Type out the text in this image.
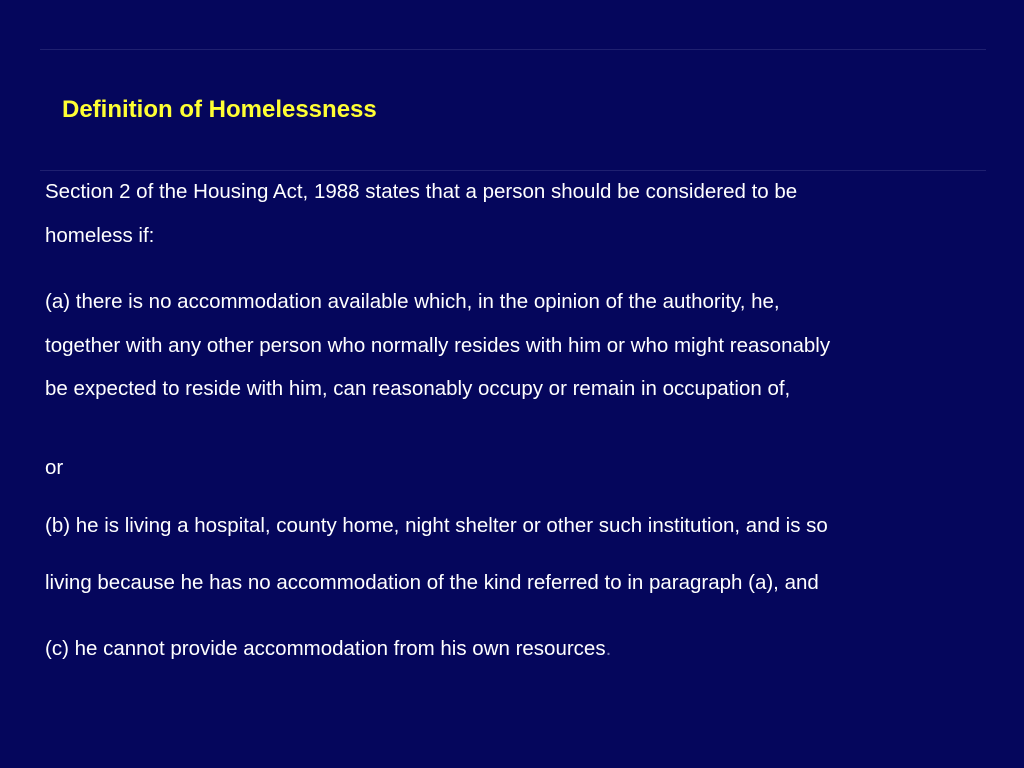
Definition of Homelessness
Section 2 of the Housing Act, 1988 states that a person should be considered to be
homeless if:
(a) there is no accommodation available which, in the opinion of the authority, he,
together with any other person who normally resides with him or who might reasonably
be expected to reside with him, can reasonably occupy or remain in occupation of,
or
(b) he is living a hospital, county home, night shelter or other such institution, and is so
living because he has no accommodation of the kind referred to in paragraph (a), and
(c) he cannot provide accommodation from his own resources.
